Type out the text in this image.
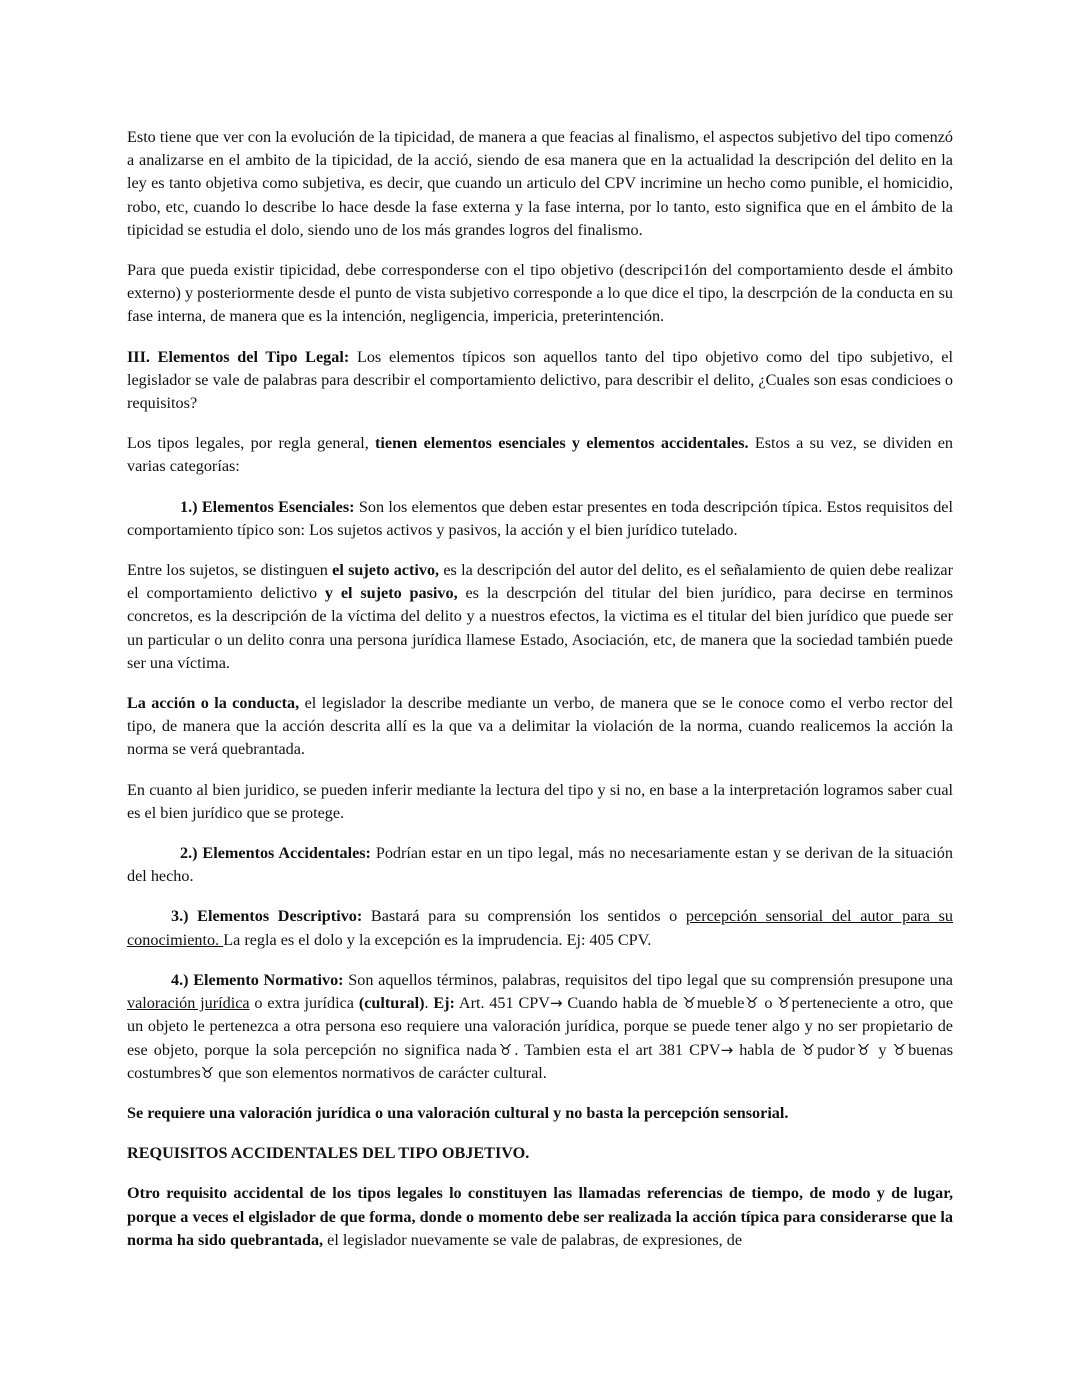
Esto tiene que ver con la evolución de la tipicidad, de manera a que feacias al finalismo, el aspectos subjetivo del tipo comenzó a analizarse en el ambito de la tipicidad, de la acció, siendo de esa manera que en la actualidad la descripción del delito en la ley es tanto objetiva como subjetiva, es decir, que cuando un articulo del CPV incrimine un hecho como punible, el homicidio, robo, etc, cuando lo describe lo hace desde la fase externa y la fase interna, por lo tanto, esto significa que en el ámbito de la tipicidad se estudia el dolo, siendo uno de los más grandes logros del finalismo.

Para que pueda existir tipicidad, debe corresponderse con el tipo objetivo (descripci1ón del comportamiento desde el ámbito externo) y posteriormente desde el punto de vista subjetivo corresponde a lo que dice el tipo, la descrpción de la conducta en su fase interna, de manera que es la intención, negligencia, impericia, preterintención.

III. Elementos del Tipo Legal: Los elementos típicos son aquellos tanto del tipo objetivo como del tipo subjetivo, el legislador se vale de palabras para describir el comportamiento delictivo, para describir el delito, ¿Cuales son esas condicioes o requisitos?

Los tipos legales, por regla general, tienen elementos esenciales y elementos accidentales. Estos a su vez, se dividen en varias categorías:

1.) Elementos Esenciales: Son los elementos que deben estar presentes en toda descripción típica. Estos requisitos del comportamiento típico son: Los sujetos activos y pasivos, la acción y el bien jurídico tutelado.

Entre los sujetos, se distinguen el sujeto activo, es la descripción del autor del delito, es el señalamiento de quien debe realizar el comportamiento delictivo y el sujeto pasivo, es la descrpción del titular del bien jurídico, para decirse en terminos concretos, es la descripción de la víctima del delito y a nuestros efectos, la victima es el titular del bien jurídico que puede ser un particular o un delito conra una persona jurídica llamese Estado, Asociación, etc, de manera que la sociedad también puede ser una víctima.

La acción o la conducta, el legislador la describe mediante un verbo, de manera que se le conoce como el verbo rector del tipo, de manera que la acción descrita allí es la que va a delimitar la violación de la norma, cuando realicemos la acción la norma se verá quebrantada.

En cuanto al bien juridico, se pueden inferir mediante la lectura del tipo y si no, en base a la interpretación logramos saber cual es el bien jurídico que se protege.

2.) Elementos Accidentales: Podrían estar en un tipo legal, más no necesariamente estan y se derivan de la situación del hecho.

3.) Elementos Descriptivo: Bastará para su comprensión los sentidos o percepción sensorial del autor para su conocimiento. La regla es el dolo y la excepción es la imprudencia. Ej: 405 CPV.

4.) Elemento Normativo: Son aquellos términos, palabras, requisitos del tipo legal que su comprensión presupone una valoración jurídica o extra jurídica (cultural). Ej: Art. 451 CPV→ Cuando habla de ♉mueble♉ o ♉perteneciente a otro, que un objeto le pertenezca a otra persona eso requiere una valoración jurídica, porque se puede tener algo y no ser propietario de ese objeto, porque la sola percepción no significa nada♉. Tambien esta el art 381 CPV→ habla de ♉pudor♉ y ♉buenas costumbres♉ que son elementos normativos de carácter cultural.

Se requiere una valoración jurídica o una valoración cultural y no basta la percepción sensorial.

REQUISITOS ACCIDENTALES DEL TIPO OBJETIVO.

Otro requisito accidental de los tipos legales lo constituyen las llamadas referencias de tiempo, de modo y de lugar, porque a veces el elgislador de que forma, donde o momento debe ser realizada la acción típica para considerarse que la norma ha sido quebrantada, el legislador nuevamente se vale de palabras, de expresiones, de
